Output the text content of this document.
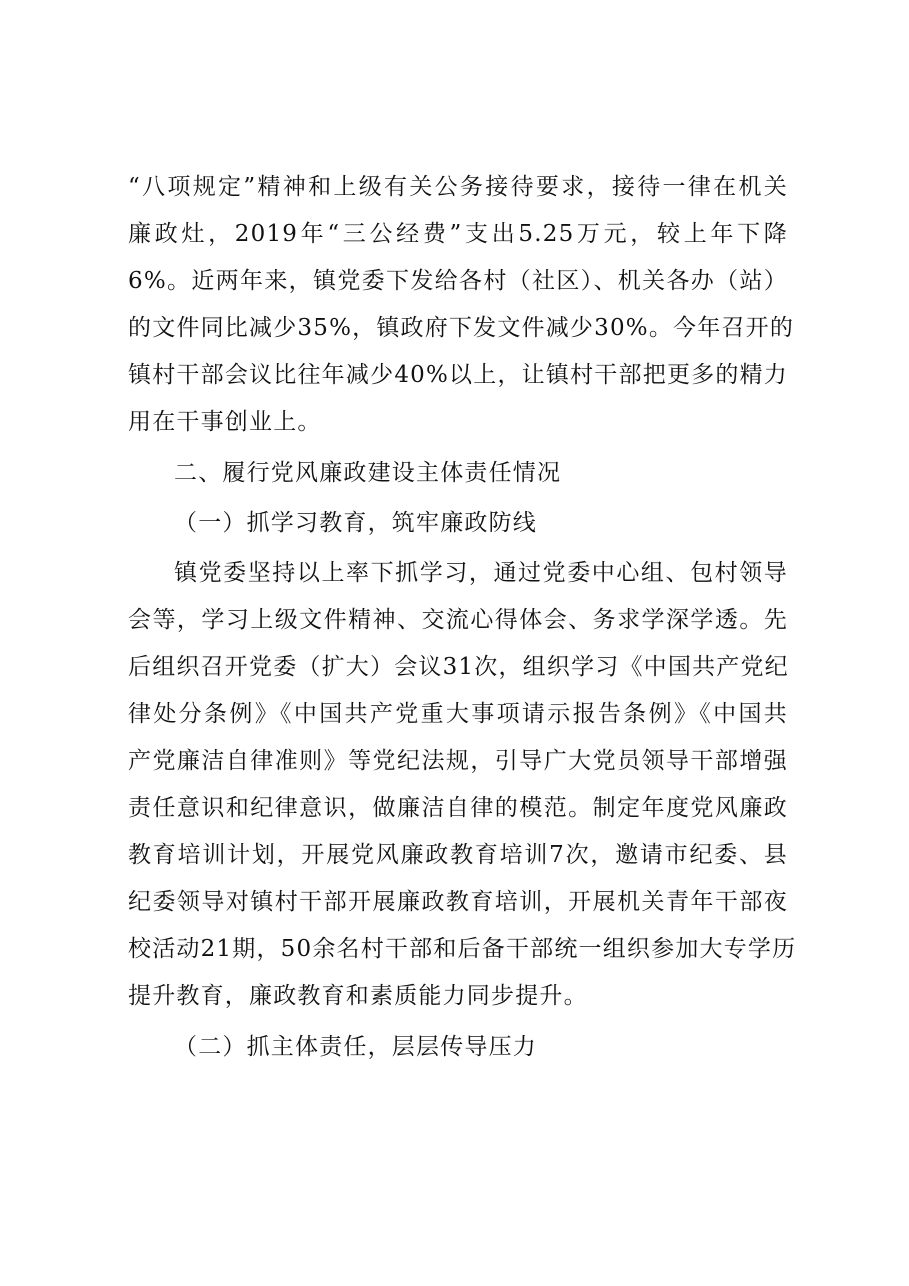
“八项规定”精神和上级有关公务接待要求，接待一律在机关
廉政灶，2019年“三公经费”支出5.25万元，较上年下降
6%。近两年来，镇党委下发给各村（社区）、机关各办（站）
的文件同比减少35%，镇政府下发文件减少30%。今年召开的
镇村干部会议比往年减少40%以上，让镇村干部把更多的精力
用在干事创业上。
二、履行党风廉政建设主体责任情况
（一）抓学习教育，筑牢廉政防线
镇党委坚持以上率下抓学习，通过党委中心组、包村领导
会等，学习上级文件精神、交流心得体会、务求学深学透。先
后组织召开党委（扩大）会议31次，组织学习《中国共产党纪
律处分条例》《中国共产党重大事项请示报告条例》《中国共
产党廉洁自律准则》等党纪法规，引导广大党员领导干部增强
责任意识和纪律意识，做廉洁自律的模范。制定年度党风廉政
教育培训计划，开展党风廉政教育培训7次，邀请市纪委、县
纪委领导对镇村干部开展廉政教育培训，开展机关青年干部夜
校活动21期，50余名村干部和后备干部统一组织参加大专学历
提升教育，廉政教育和素质能力同步提升。
（二）抓主体责任，层层传导压力
